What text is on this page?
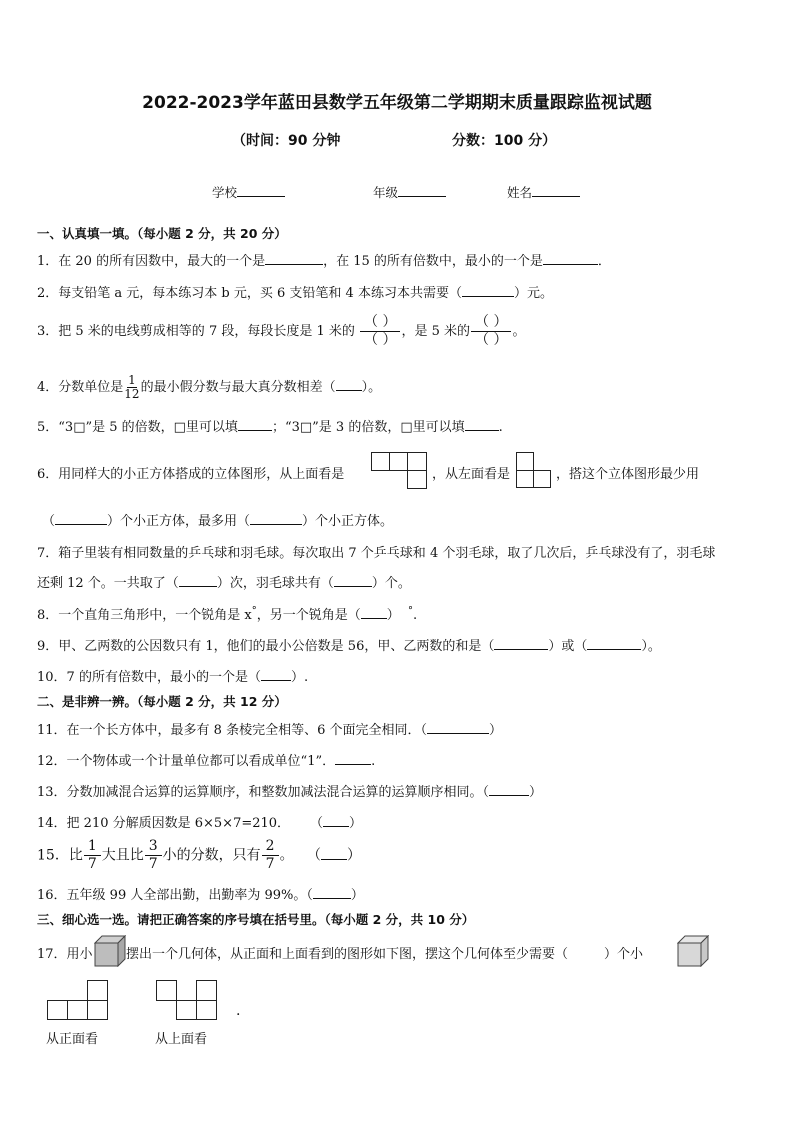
2022-2023学年蓝田县数学五年级第二学期期末质量跟踪监视试题
（时间：90 分钟	分数：100 分）
学校	年级	姓名
一、认真填一填。（每小题 2 分，共 20 分）
1．在 20 的所有因数中，最大的一个是	，在 15 的所有倍数中，最小的一个是	．
2．每支铅笔 a 元，每本练习本 b 元，买 6 支铅笔和 4 本练习本共需要（	）元。
3．把 5 米的电线剪成相等的 7 段，每段长度是 1 米的 $\frac{( )}{( )}$ ，是 5 米的 $\frac{( )}{( )}$ 。
4．分数单位是 $\frac{1}{12}$ 的最小假分数与最大真分数相差（ ）。
5．“3□”是 5 的倍数，□里可以填	；“3□”是 3 的倍数，□里可以填	.
6．用同样大的小正方体搭成的立体图形，从上面看是	，从左面看是	，搭这个立体图形最少用
（	）个小正方体，最多用（	）个小正方体。
7．箱子里装有相同数量的乒乓球和羽毛球。每次取出 7 个乒乓球和 4 个羽毛球，取了几次后，乒乓球没有了，羽毛球
还剩 12 个。一共取了（	）次，羽毛球共有（	）个。
8．一个直角三角形中，一个锐角是 x°，另一个锐角是（ ） °.
9．甲、乙两数的公因数只有 1，他们的最小公倍数是 56，甲、乙两数的和是（	）或（	）。
10．7 的所有倍数中，最小的一个是（ ）.
二、是非辨一辨。（每小题 2 分，共 12 分）
11．在一个长方体中，最多有 8 条棱完全相等、6 个面完全相同．（	）
12．一个物体或一个计量单位都可以看成单位“1”．	.
13．分数加减混合运算的运算顺序，和整数加减法混合运算的运算顺序相同。（	）
14．把 210 分解质因数是 6×5×7=210． （ ）
15．比 $\frac{1}{7}$ 大且比 $\frac{3}{7}$ 小的分数，只有 $\frac{2}{7}$ 。 （ ）
16．五年级 99 人全部出勤，出勤率为 99%。（	）
三、细心选一选。请把正确答案的序号填在括号里。（每小题 2 分，共 10 分）
17．用小	摆出一个几何体，从正面和上面看到的图形如下图，摆这个几何体至少需要（	）个小
.
从正面看	从上面看
